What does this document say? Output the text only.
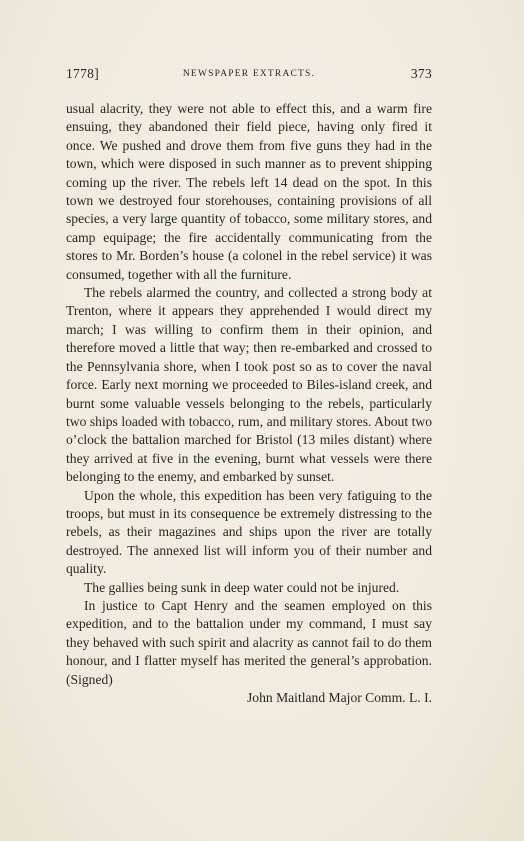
1778]	NEWSPAPER EXTRACTS.	373

usual alacrity, they were not able to effect this, and a warm fire ensuing, they abandoned their field piece, having only fired it once. We pushed and drove them from five guns they had in the town, which were disposed in such manner as to prevent shipping coming up the river. The rebels left 14 dead on the spot. In this town we destroyed four storehouses, containing provisions of all species, a very large quantity of tobacco, some military stores, and camp equipage; the fire accidentally communicating from the stores to Mr. Borden’s house (a colonel in the rebel service) it was consumed, together with all the furniture.

The rebels alarmed the country, and collected a strong body at Trenton, where it appears they apprehended I would direct my march; I was willing to confirm them in their opinion, and therefore moved a little that way; then re-embarked and crossed to the Pennsylvania shore, when I took post so as to cover the naval force. Early next morning we proceeded to Biles-island creek, and burnt some valuable vessels belonging to the rebels, particularly two ships loaded with tobacco, rum, and military stores. About two o’clock the battalion marched for Bristol (13 miles distant) where they arrived at five in the evening, burnt what vessels were there belonging to the enemy, and embarked by sunset.

Upon the whole, this expedition has been very fatiguing to the troops, but must in its consequence be extremely distressing to the rebels, as their magazines and ships upon the river are totally destroyed. The annexed list will inform you of their number and quality.

The gallies being sunk in deep water could not be injured.

In justice to Capt Henry and the seamen employed on this expedition, and to the battalion under my command, I must say they behaved with such spirit and alacrity as cannot fail to do them honour, and I flatter myself has merited the general’s approbation. (Signed)

John Maitland Major Comm. L. I.
